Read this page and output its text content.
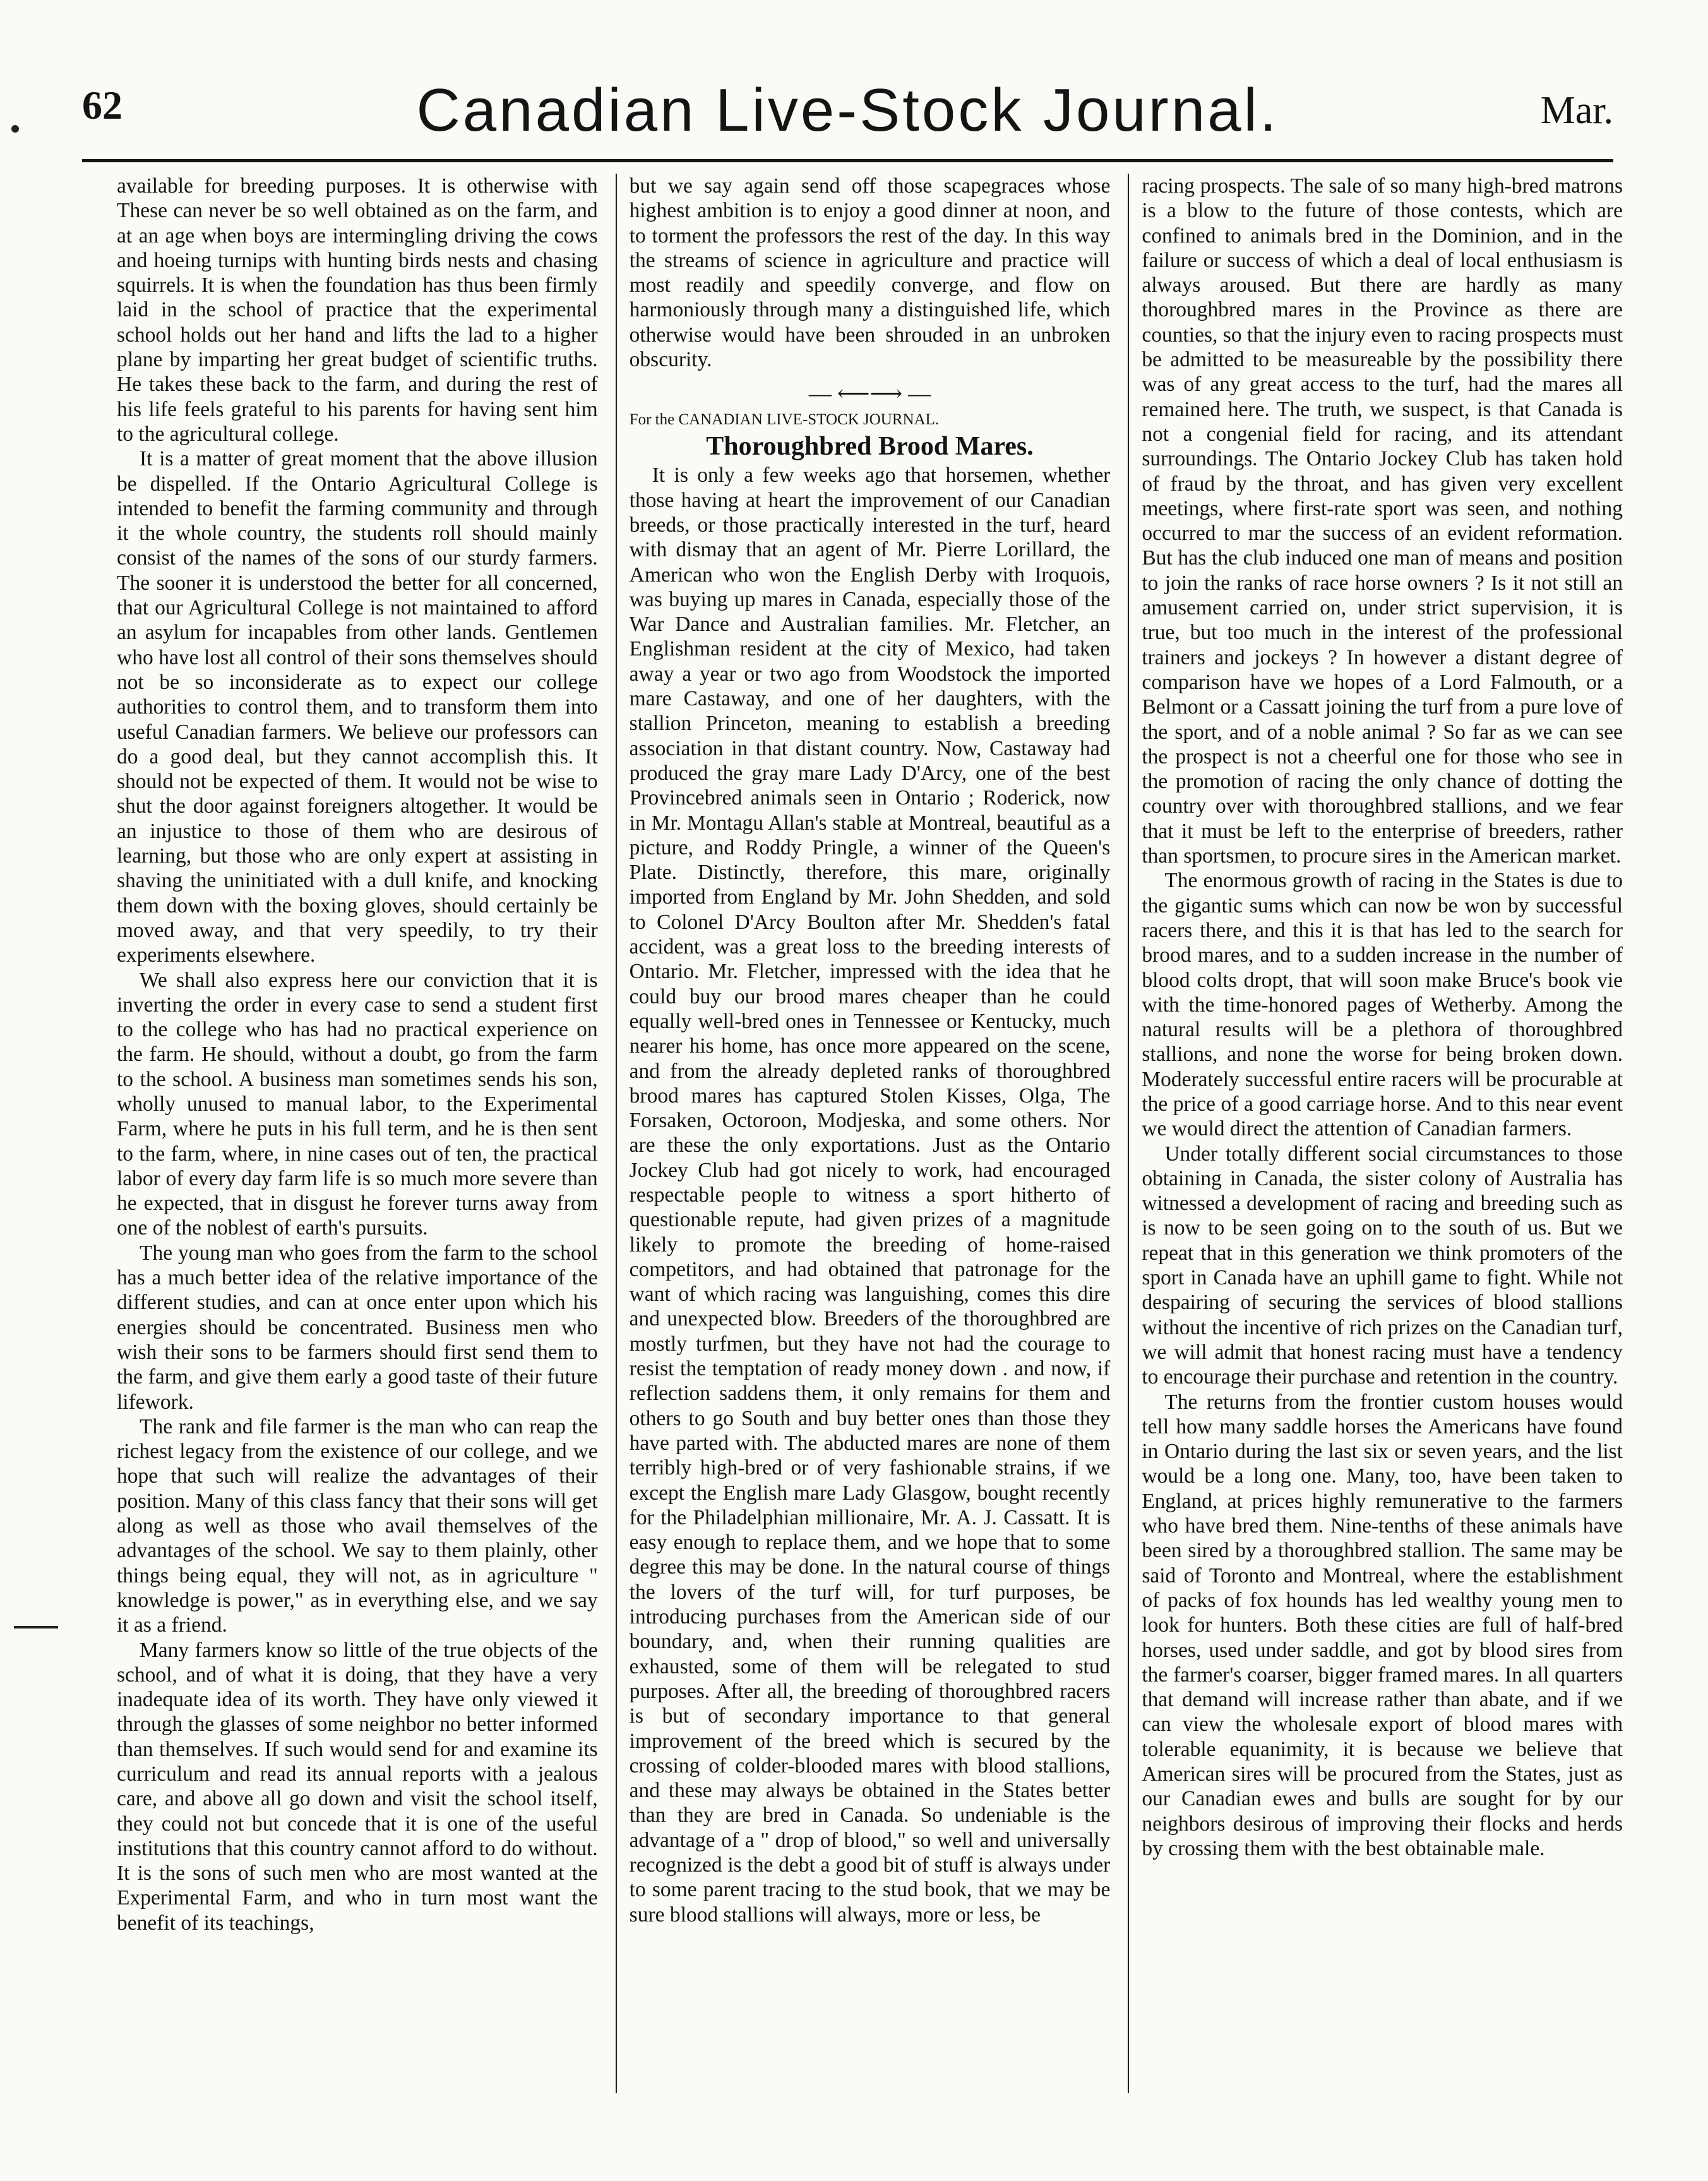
62	Canadian Live-Stock Journal.	Mar.

available for breeding purposes. It is otherwise with These can never be so well obtained as on the farm, and at an age when boys are intermingling driving the cows and hoeing turnips with hunting birds nests and chasing squirrels. It is when the foundation has thus been firmly laid in the school of practice that the experimental school holds out her hand and lifts the lad to a higher plane by imparting her great budget of scientific truths. He takes these back to the farm, and during the rest of his life feels grateful to his parents for having sent him to the agricultural college.

It is a matter of great moment that the above illusion be dispelled. If the Ontario Agricultural College is intended to benefit the farming community and through it the whole country, the students roll should mainly consist of the names of the sons of our sturdy farmers. The sooner it is understood the better for all concerned, that our Agricultural College is not maintained to afford an asylum for incapables from other lands. Gentlemen who have lost all control of their sons themselves should not be so inconsiderate as to expect our college authorities to control them, and to transform them into useful Canadian farmers. We believe our professors can do a good deal, but they cannot accomplish this. It should not be expected of them. It would not be wise to shut the door against foreigners altogether. It would be an injustice to those of them who are desirous of learning, but those who are only expert at assisting in shaving the uninitiated with a dull knife, and knocking them down with the boxing gloves, should certainly be moved away, and that very speedily, to try their experiments elsewhere.

We shall also express here our conviction that it is inverting the order in every case to send a student first to the college who has had no practical experience on the farm. He should, without a doubt, go from the farm to the school. A business man sometimes sends his son, wholly unused to manual labor, to the Experimental Farm, where he puts in his full term, and he is then sent to the farm, where, in nine cases out of ten, the practical labor of every day farm life is so much more severe than he expected, that in disgust he forever turns away from one of the noblest of earth's pursuits.

The young man who goes from the farm to the school has a much better idea of the relative importance of the different studies, and can at once enter upon which his energies should be concentrated. Business men who wish their sons to be farmers should first send them to the farm, and give them early a good taste of their future lifework.

The rank and file farmer is the man who can reap the richest legacy from the existence of our college, and we hope that such will realize the advantages of their position. Many of this class fancy that their sons will get along as well as those who avail themselves of the advantages of the school. We say to them plainly, other things being equal, they will not, as in agriculture " knowledge is power," as in everything else, and we say it as a friend.

Many farmers know so little of the true objects of the school, and of what it is doing, that they have a very inadequate idea of its worth. They have only viewed it through the glasses of some neighbor no better informed than themselves. If such would send for and examine its curriculum and read its annual reports with a jealous care, and above all go down and visit the school itself, they could not but concede that it is one of the useful institutions that this country cannot afford to do without. It is the sons of such men who are most wanted at the Experimental Farm, and who in turn most want the benefit of its teachings,

but we say again send off those scapegraces whose highest ambition is to enjoy a good dinner at noon, and to torment the professors the rest of the day. In this way the streams of science in agriculture and practice will most readily and speedily converge, and flow on harmoniously through many a distinguished life, which otherwise would have been shrouded in an unbroken obscurity.

— ⟵⟶ —

For the CANADIAN LIVE-STOCK JOURNAL.

Thoroughbred Brood Mares.

It is only a few weeks ago that horsemen, whether those having at heart the improvement of our Canadian breeds, or those practically interested in the turf, heard with dismay that an agent of Mr. Pierre Lorillard, the American who won the English Derby with Iroquois, was buying up mares in Canada, especially those of the War Dance and Australian families. Mr. Fletcher, an Englishman resident at the city of Mexico, had taken away a year or two ago from Woodstock the imported mare Castaway, and one of her daughters, with the stallion Princeton, meaning to establish a breeding association in that distant country. Now, Castaway had produced the gray mare Lady D'Arcy, one of the best Provincebred animals seen in Ontario ; Roderick, now in Mr. Montagu Allan's stable at Montreal, beautiful as a picture, and Roddy Pringle, a winner of the Queen's Plate. Distinctly, therefore, this mare, originally imported from England by Mr. John Shedden, and sold to Colonel D'Arcy Boulton after Mr. Shedden's fatal accident, was a great loss to the breeding interests of Ontario. Mr. Fletcher, impressed with the idea that he could buy our brood mares cheaper than he could equally well-bred ones in Tennessee or Kentucky, much nearer his home, has once more appeared on the scene, and from the already depleted ranks of thoroughbred brood mares has captured Stolen Kisses, Olga, The Forsaken, Octoroon, Modjeska, and some others. Nor are these the only exportations. Just as the Ontario Jockey Club had got nicely to work, had encouraged respectable people to witness a sport hitherto of questionable repute, had given prizes of a magnitude likely to promote the breeding of home-raised competitors, and had obtained that patronage for the want of which racing was languishing, comes this dire and unexpected blow. Breeders of the thoroughbred are mostly turfmen, but they have not had the courage to resist the temptation of ready money down . and now, if reflection saddens them, it only remains for them and others to go South and buy better ones than those they have parted with. The abducted mares are none of them terribly high-bred or of very fashionable strains, if we except the English mare Lady Glasgow, bought recently for the Philadelphian millionaire, Mr. A. J. Cassatt. It is easy enough to replace them, and we hope that to some degree this may be done. In the natural course of things the lovers of the turf will, for turf purposes, be introducing purchases from the American side of our boundary, and, when their running qualities are exhausted, some of them will be relegated to stud purposes. After all, the breeding of thoroughbred racers is but of secondary importance to that general improvement of the breed which is secured by the crossing of colder-blooded mares with blood stallions, and these may always be obtained in the States better than they are bred in Canada. So undeniable is the advantage of a " drop of blood," so well and universally recognized is the debt a good bit of stuff is always under to some parent tracing to the stud book, that we may be sure blood stallions will always, more or less, be

racing prospects. The sale of so many high-bred matrons is a blow to the future of those contests, which are confined to animals bred in the Dominion, and in the failure or success of which a deal of local enthusiasm is always aroused. But there are hardly as many thoroughbred mares in the Province as there are counties, so that the injury even to racing prospects must be admitted to be measureable by the possibility there was of any great access to the turf, had the mares all remained here. The truth, we suspect, is that Canada is not a congenial field for racing, and its attendant surroundings. The Ontario Jockey Club has taken hold of fraud by the throat, and has given very excellent meetings, where first-rate sport was seen, and nothing occurred to mar the success of an evident reformation. But has the club induced one man of means and position to join the ranks of race horse owners ? Is it not still an amusement carried on, under strict supervision, it is true, but too much in the interest of the professional trainers and jockeys ? In however a distant degree of comparison have we hopes of a Lord Falmouth, or a Belmont or a Cassatt joining the turf from a pure love of the sport, and of a noble animal ? So far as we can see the prospect is not a cheerful one for those who see in the promotion of racing the only chance of dotting the country over with thoroughbred stallions, and we fear that it must be left to the enterprise of breeders, rather than sportsmen, to procure sires in the American market.

The enormous growth of racing in the States is due to the gigantic sums which can now be won by successful racers there, and this it is that has led to the search for brood mares, and to a sudden increase in the number of blood colts dropt, that will soon make Bruce's book vie with the time-honored pages of Wetherby. Among the natural results will be a plethora of thoroughbred stallions, and none the worse for being broken down. Moderately successful entire racers will be procurable at the price of a good carriage horse. And to this near event we would direct the attention of Canadian farmers.

Under totally different social circumstances to those obtaining in Canada, the sister colony of Australia has witnessed a development of racing and breeding such as is now to be seen going on to the south of us. But we repeat that in this generation we think promoters of the sport in Canada have an uphill game to fight. While not despairing of securing the services of blood stallions without the incentive of rich prizes on the Canadian turf, we will admit that honest racing must have a tendency to encourage their purchase and retention in the country.

The returns from the frontier custom houses would tell how many saddle horses the Americans have found in Ontario during the last six or seven years, and the list would be a long one. Many, too, have been taken to England, at prices highly remunerative to the farmers who have bred them. Nine-tenths of these animals have been sired by a thoroughbred stallion. The same may be said of Toronto and Montreal, where the establishment of packs of fox hounds has led wealthy young men to look for hunters. Both these cities are full of half-bred horses, used under saddle, and got by blood sires from the farmer's coarser, bigger framed mares. In all quarters that demand will increase rather than abate, and if we can view the wholesale export of blood mares with tolerable equanimity, it is because we believe that American sires will be procured from the States, just as our Canadian ewes and bulls are sought for by our neighbors desirous of improving their flocks and herds by crossing them with the best obtainable male.
